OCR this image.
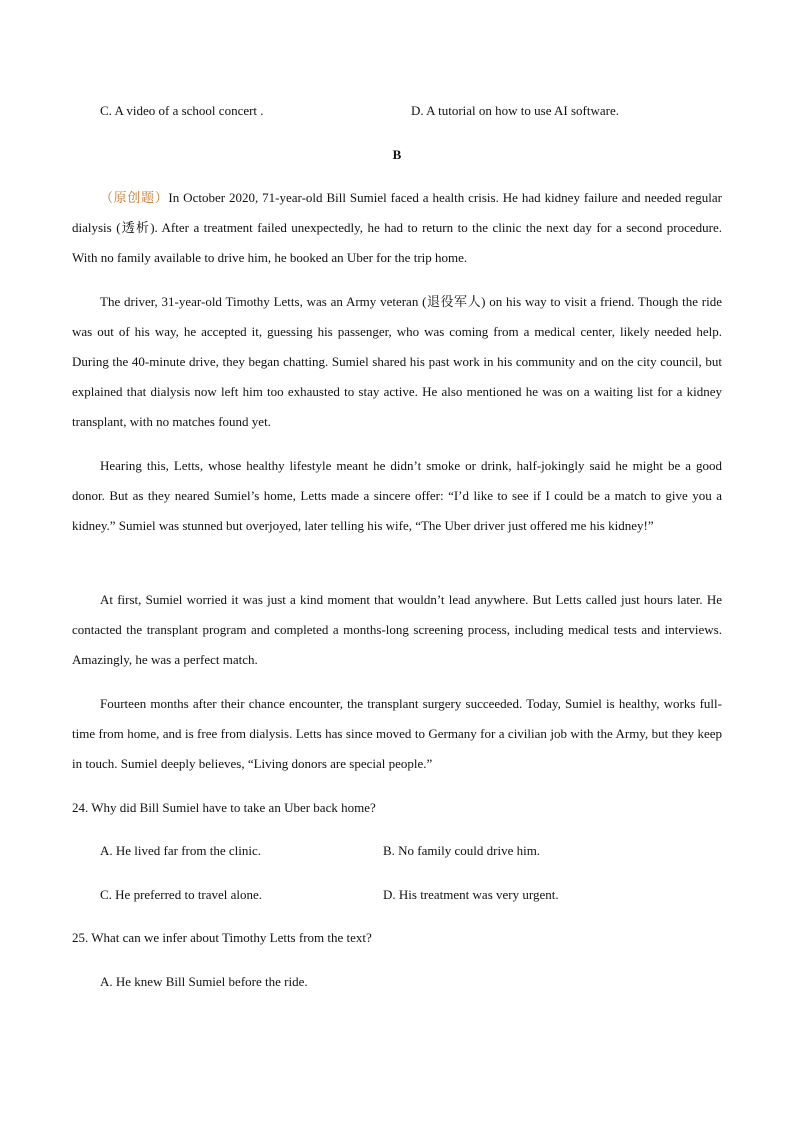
C. A video of a school concert .	D. A tutorial on how to use AI software.
B

（原创题）In October 2020, 71-year-old Bill Sumiel faced a health crisis. He had kidney failure and needed regular dialysis (透析). After a treatment failed unexpectedly, he had to return to the clinic the next day for a second procedure. With no family available to drive him, he booked an Uber for the trip home.

The driver, 31-year-old Timothy Letts, was an Army veteran (退役军人) on his way to visit a friend. Though the ride was out of his way, he accepted it, guessing his passenger, who was coming from a medical center, likely needed help. During the 40-minute drive, they began chatting. Sumiel shared his past work in his community and on the city council, but explained that dialysis now left him too exhausted to stay active. He also mentioned he was on a waiting list for a kidney transplant, with no matches found yet.

Hearing this, Letts, whose healthy lifestyle meant he didn’t smoke or drink, half-jokingly said he might be a good donor. But as they neared Sumiel’s home, Letts made a sincere offer: “I’d like to see if I could be a match to give you a kidney.” Sumiel was stunned but overjoyed, later telling his wife, “The Uber driver just offered me his kidney!”

At first, Sumiel worried it was just a kind moment that wouldn’t lead anywhere. But Letts called just hours later. He contacted the transplant program and completed a months-long screening process, including medical tests and interviews. Amazingly, he was a perfect match.

Fourteen months after their chance encounter, the transplant surgery succeeded. Today, Sumiel is healthy, works full-time from home, and is free from dialysis. Letts has since moved to Germany for a civilian job with the Army, but they keep in touch. Sumiel deeply believes, “Living donors are special people.”

24. Why did Bill Sumiel have to take an Uber back home?
A. He lived far from the clinic.	B. No family could drive him.
C. He preferred to travel alone.	D. His treatment was very urgent.
25. What can we infer about Timothy Letts from the text?
A. He knew Bill Sumiel before the ride.
